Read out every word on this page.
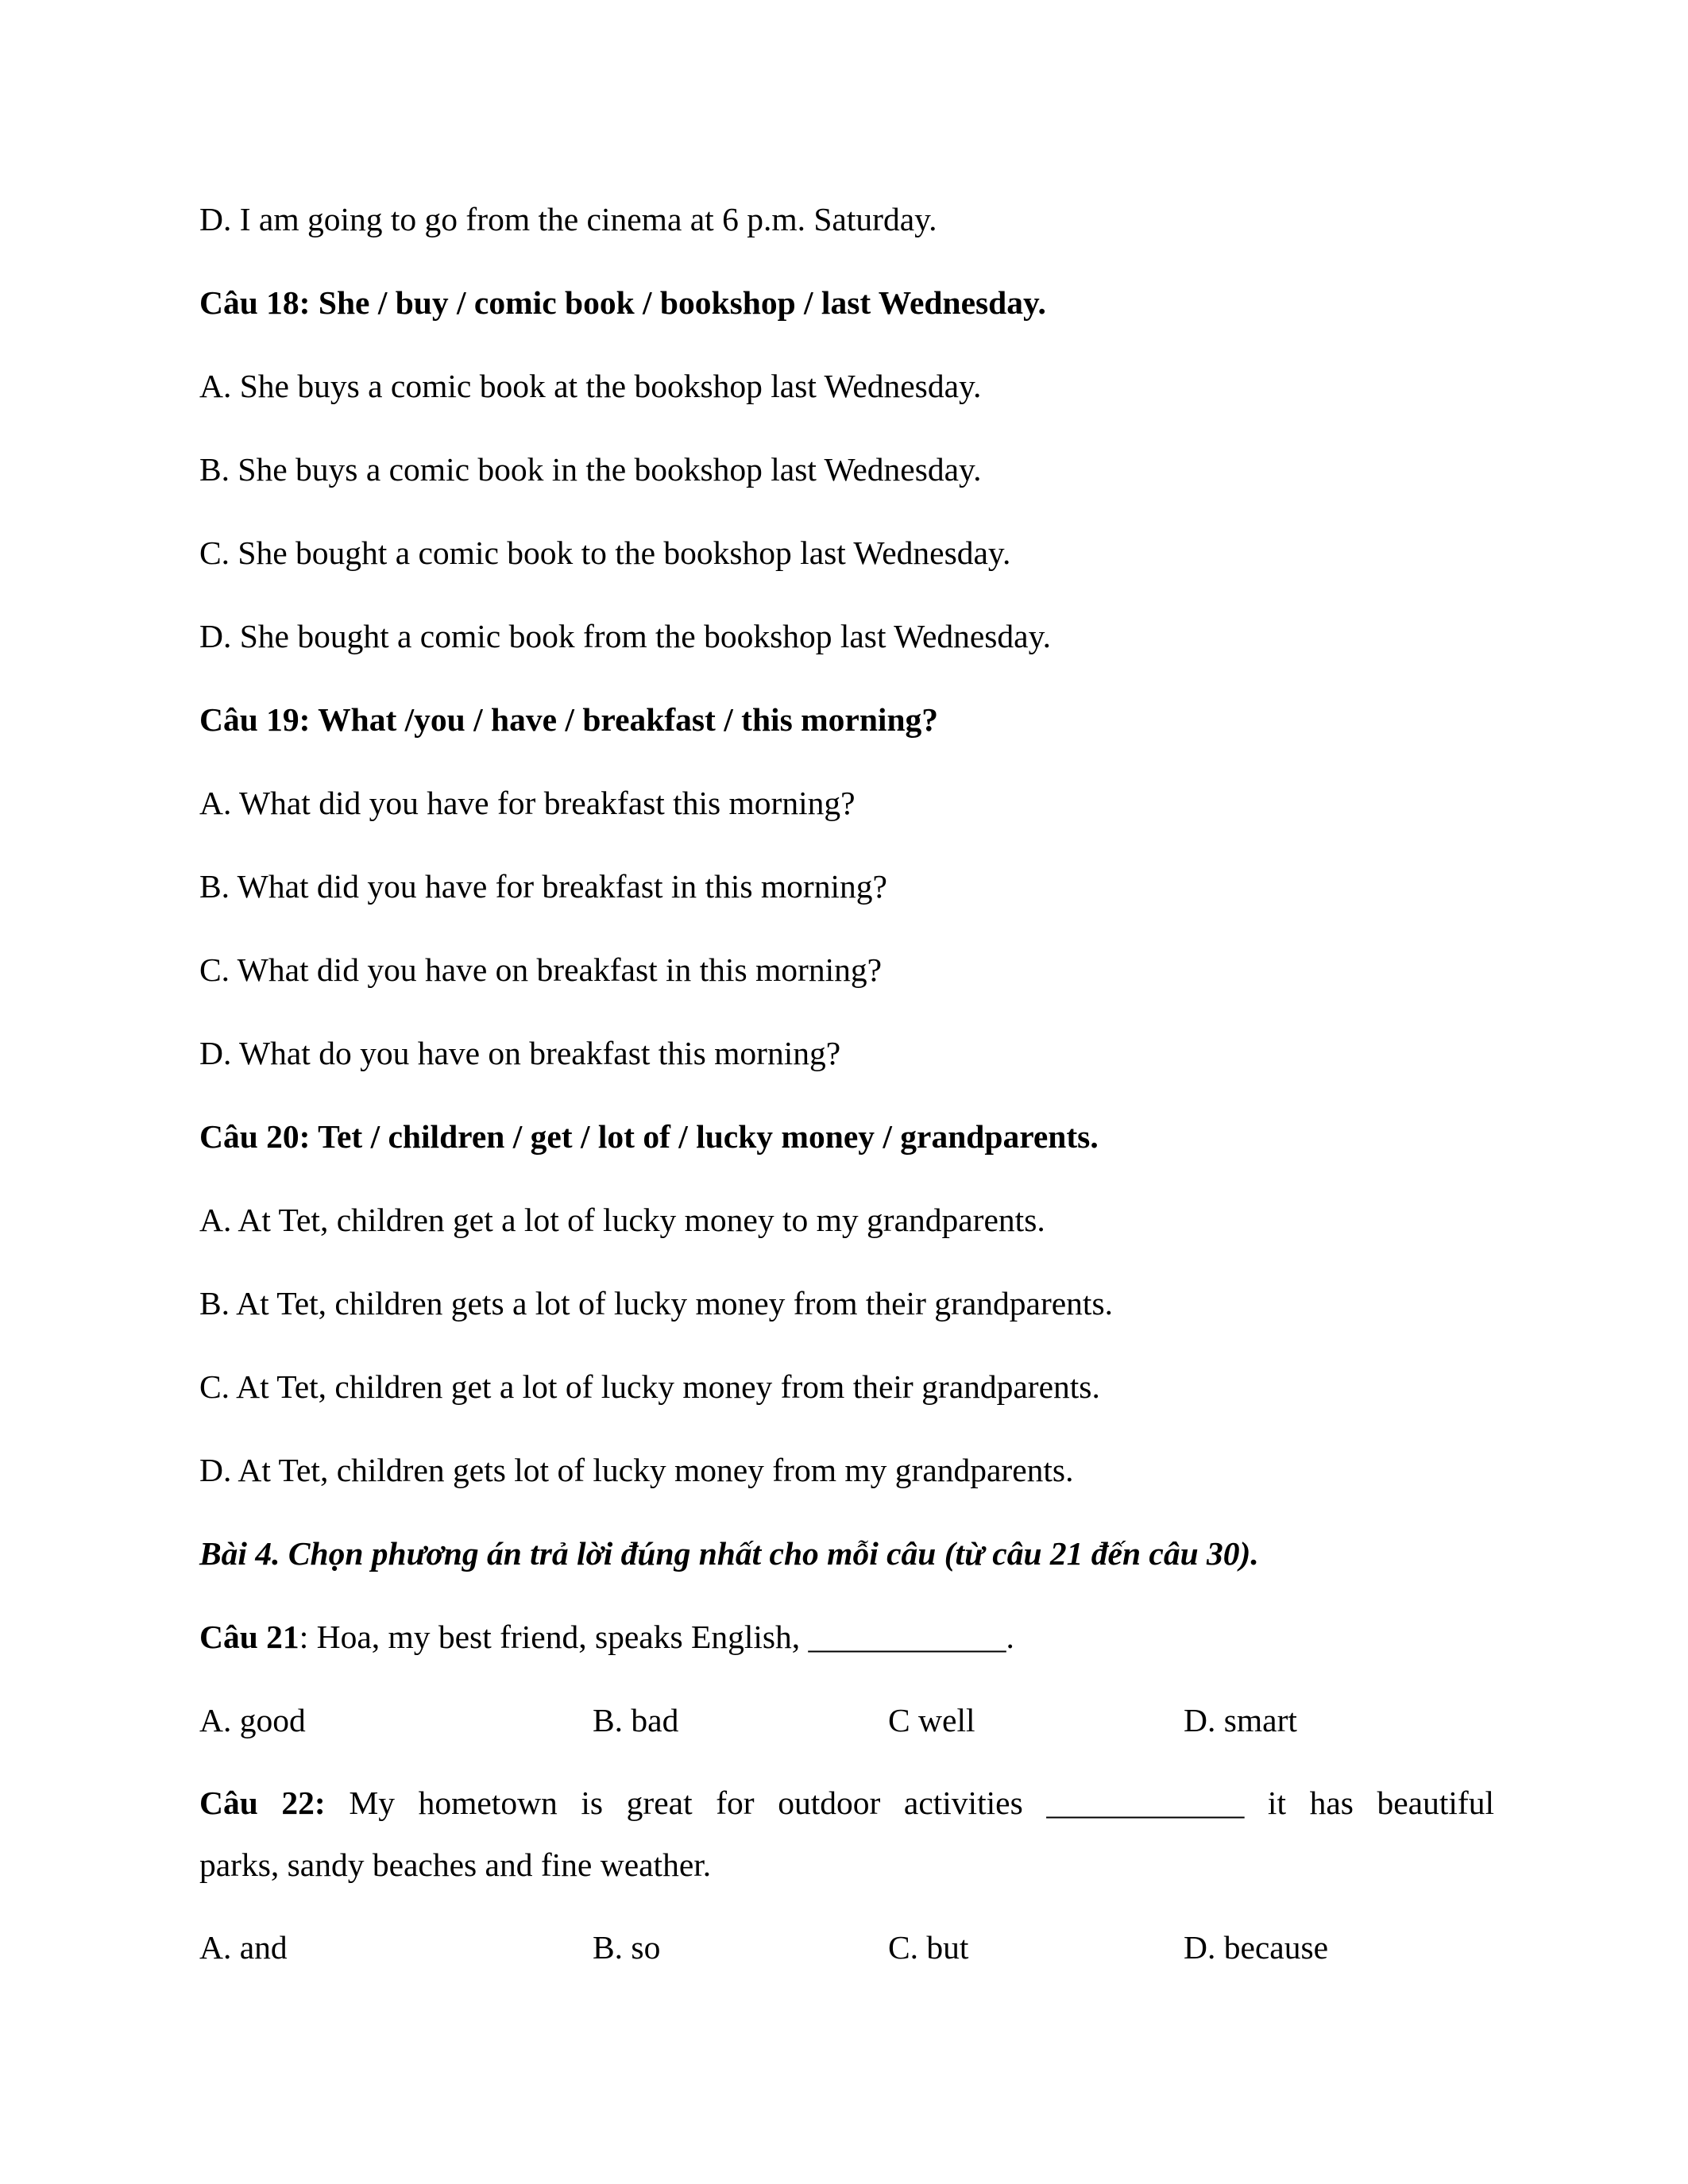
D. I am going to go from the cinema at 6 p.m. Saturday.
Câu 18: She / buy / comic book / bookshop / last Wednesday.
A. She buys a comic book at the bookshop last Wednesday.
B. She buys a comic book in the bookshop last Wednesday.
C. She bought a comic book to the bookshop last Wednesday.
D. She bought a comic book from the bookshop last Wednesday.
Câu 19: What /you / have / breakfast / this morning?
A. What did you have for breakfast this morning?
B. What did you have for breakfast in this morning?
C. What did you have on breakfast in this morning?
D. What do you have on breakfast this morning?
Câu 20: Tet / children / get / lot of / lucky money / grandparents.
A. At Tet, children get a lot of lucky money to my grandparents.
B. At Tet, children gets a lot of lucky money from their grandparents.
C. At Tet, children get a lot of lucky money from their grandparents.
D. At Tet, children gets lot of lucky money from my grandparents.
Bài 4. Chọn phương án trả lời đúng nhất cho mỗi câu (từ câu 21 đến câu 30).
Câu 21: Hoa, my best friend, speaks English, ____________.
A. good	B. bad	C well	D. smart
Câu 22: My hometown is great for outdoor activities ____________ it has beautiful
parks, sandy beaches and fine weather.
A. and	B. so	C. but	D. because
